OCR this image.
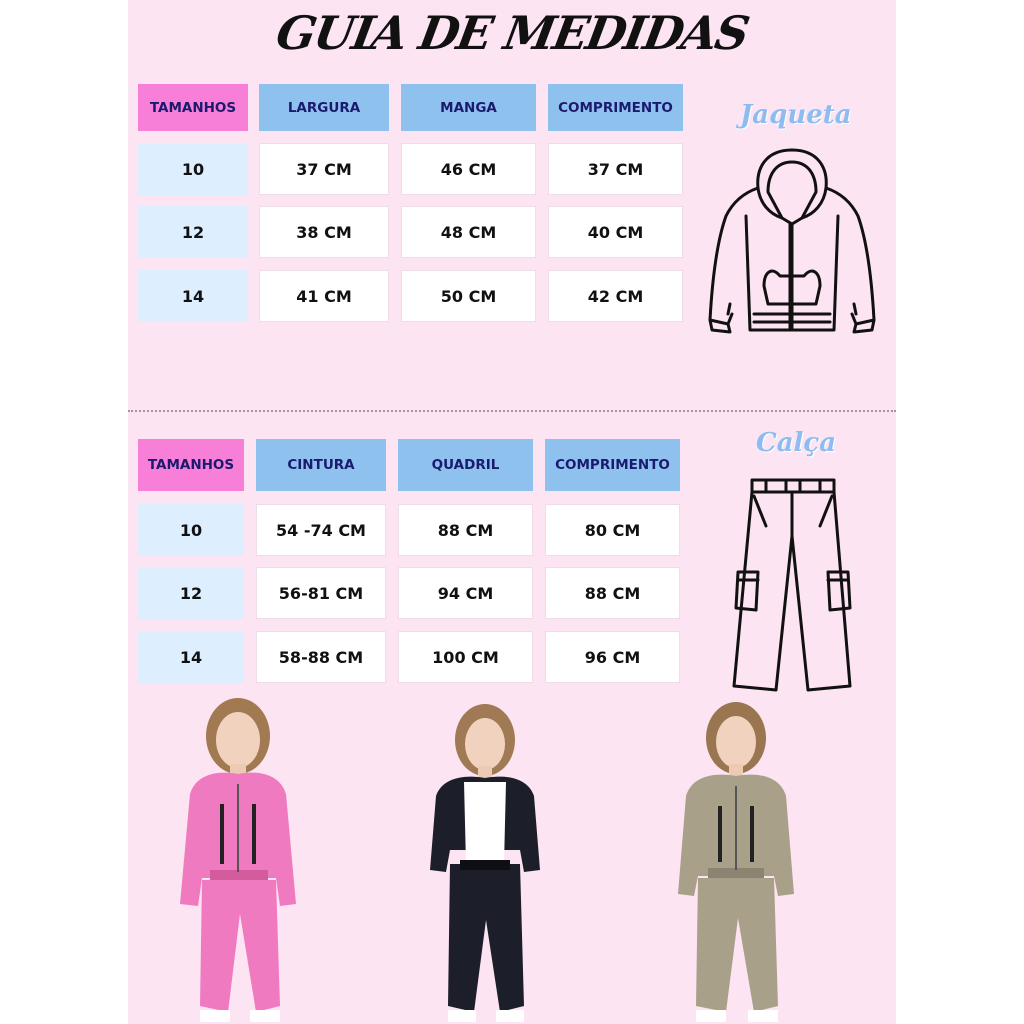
GUIA DE MEDIDAS
TAMANHOS	LARGURA	MANGA	COMPRIMENTO
10	37 CM	46 CM	37 CM
12	38 CM	48 CM	40 CM
14	41 CM	50 CM	42 CM
Jaqueta
TAMANHOS	CINTURA	QUADRIL	COMPRIMENTO
10	54 -74 CM	88 CM	80 CM
12	56-81 CM	94 CM	88 CM
14	58-88 CM	100 CM	96 CM
Calça
